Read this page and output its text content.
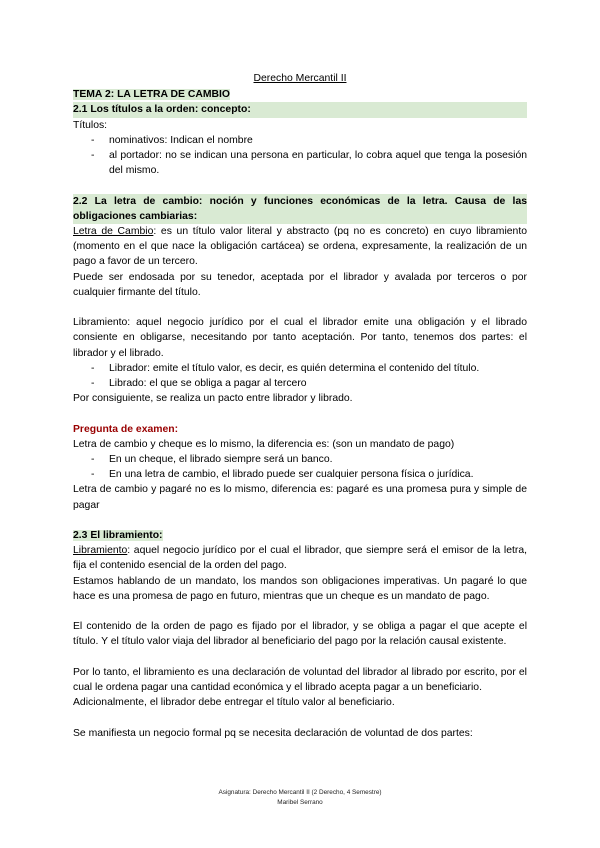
Derecho Mercantil II
TEMA 2: LA LETRA DE CAMBIO
2.1 Los títulos a la orden: concepto:
Títulos:
- nominativos: Indican el nombre
- al portador: no se indican una persona en particular, lo cobra aquel que tenga la posesión del mismo.
2.2 La letra de cambio: noción y funciones económicas de la letra. Causa de las obligaciones cambiarias:
Letra de Cambio: es un título valor literal y abstracto (pq no es concreto) en cuyo libramiento (momento en el que nace la obligación cartácea) se ordena, expresamente, la realización de un pago a favor de un tercero.
Puede ser endosada por su tenedor, aceptada por el librador y avalada por terceros o por cualquier firmante del título.
Libramiento: aquel negocio jurídico por el cual el librador emite una obligación y el librado consiente en obligarse, necesitando por tanto aceptación. Por tanto, tenemos dos partes: el librador y el librado.
- Librador: emite el título valor, es decir, es quién determina el contenido del título.
- Librado: el que se obliga a pagar al tercero
Por consiguiente, se realiza un pacto entre librador y librado.
Pregunta de examen:
Letra de cambio y cheque es lo mismo, la diferencia es: (son un mandato de pago)
- En un cheque, el librado siempre será un banco.
- En una letra de cambio, el librado puede ser cualquier persona física o jurídica.
Letra de cambio y pagaré no es lo mismo, diferencia es: pagaré es una promesa pura y simple de pagar
2.3 El libramiento:
Libramiento: aquel negocio jurídico por el cual el librador, que siempre será el emisor de la letra, fija el contenido esencial de la orden del pago.
Estamos hablando de un mandato, los mandos son obligaciones imperativas. Un pagaré lo que hace es una promesa de pago en futuro, mientras que un cheque es un mandato de pago.
El contenido de la orden de pago es fijado por el librador, y se obliga a pagar el que acepte el título. Y el título valor viaja del librador al beneficiario del pago por la relación causal existente.
Por lo tanto, el libramiento es una declaración de voluntad del librador al librado por escrito, por el cual le ordena pagar una cantidad económica y el librado acepta pagar a un beneficiario.
Adicionalmente, el librador debe entregar el título valor al beneficiario.
Se manifiesta un negocio formal pq se necesita declaración de voluntad de dos partes:
Asignatura: Derecho Mercantil II (2 Derecho, 4 Semestre)
Maribel Serrano
